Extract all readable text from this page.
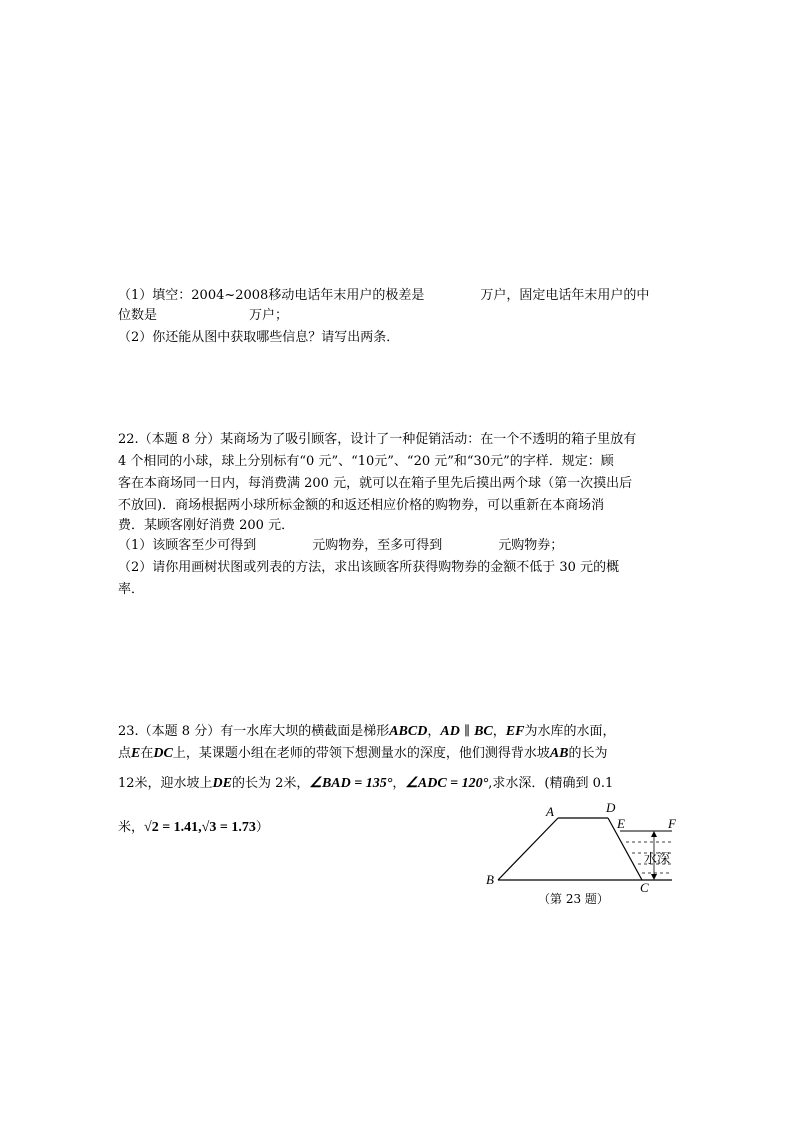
（1）填空：2004~2008移动电话年末用户的极差是	万户，固定电话年末用户的中
位数是	万户；
（2）你还能从图中获取哪些信息？请写出两条．
22.（本题 8 分）某商场为了吸引顾客，设计了一种促销活动：在一个不透明的箱子里放有
4 个相同的小球，球上分别标有“0 元”、“10元”、“20 元”和“30元”的字样．规定：顾
客在本商场同一日内，每消费满 200 元，就可以在箱子里先后摸出两个球（第一次摸出后
不放回)．商场根据两小球所标金额的和返还相应价格的购物券，可以重新在本商场消
费．某顾客刚好消费 200 元．
（1）该顾客至少可得到	元购物券，至多可得到	元购物券；
（2）请你用画树状图或列表的方法，求出该顾客所获得购物券的金额不低于 30 元的概
率．
23.（本题 8 分）有一水库大坝的横截面是梯形ABCD，AD ∥ BC，EF为水库的水面，
点E在DC上，某课题小组在老师的带领下想测量水的深度，他们测得背水坡AB的长为
12米，迎水坡上DE的长为 2米，∠BAD = 135°，∠ADC = 120°,求水深．(精确到 0.1
米，√2 = 1.41,√3 = 1.73）
A	D
E	F
B
C
水深
（第 23 题）
